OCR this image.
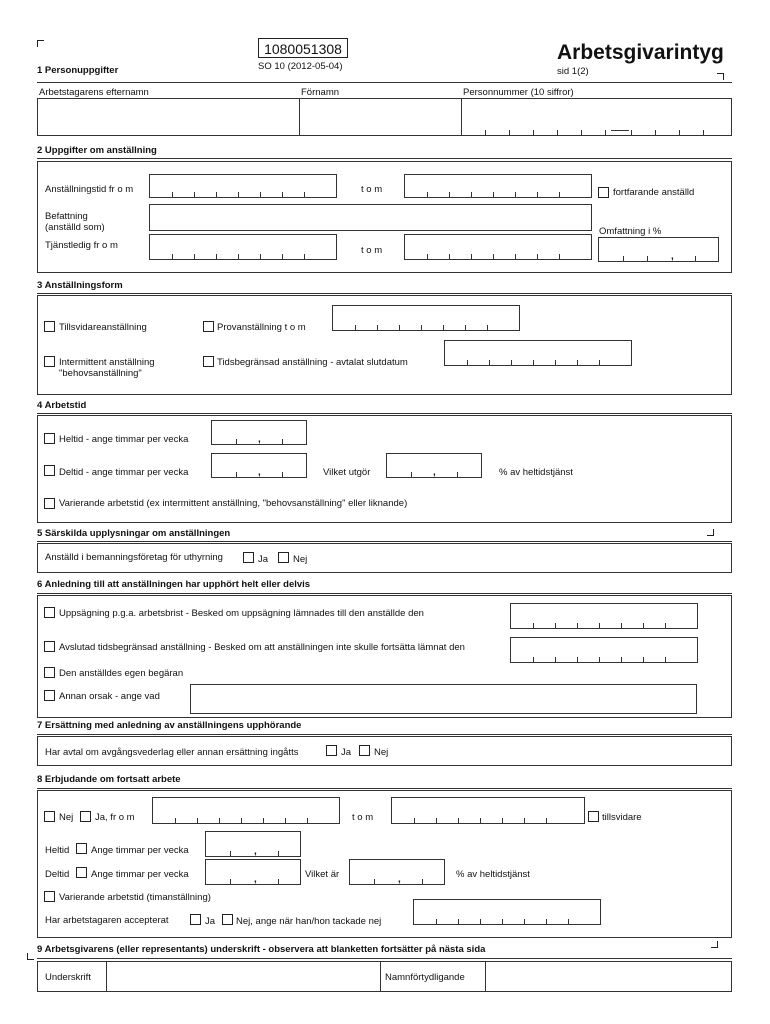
1080051308
SO 10 (2012-05-04)
Arbetsgivarintyg
sid 1(2)
1 Personuppgifter
Arbetstagarens efternamn	Förnamn	Personnummer (10 siffror)
2 Uppgifter om anställning
Anställningstid fr o m	t o m	fortfarande anställd
Befattning
(anställd som)	Omfattning i %
,
Tjänstledig fr o m	t o m
3 Anställningsform
Tillsvidareanställning	Provanställning t o m
Intermittent anställning
"behovsanställning"
Tidsbegränsad anställning - avtalat slutdatum
4 Arbetstid
Heltid - ange timmar per vecka	,
Deltid - ange timmar per vecka	,	Vilket utgör	,	% av heltidstjänst
Varierande arbetstid (ex intermittent anställning, "behovsanställning" eller liknande)
5 Särskilda upplysningar om anställningen
Anställd i bemanningsföretag för uthyrning	Ja	Nej
6 Anledning till att anställningen har upphört helt eller delvis
Uppsägning p.g.a. arbetsbrist - Besked om uppsägning lämnades till den anställde den
Avslutad tidsbegränsad anställning - Besked om att anställningen inte skulle fortsätta lämnat den
Den anställdes egen begäran
Annan orsak - ange vad
7 Ersättning med anledning av anställningens upphörande
Har avtal om avgångsvederlag eller annan ersättning ingåtts	Ja Nej
8 Erbjudande om fortsatt arbete
Nej Ja, fr o m	t o m	tillsvidare
Heltid Ange timmar per vecka	,
Deltid Ange timmar per vecka	,	Vilket är	,	% av heltidstjänst
Varierande arbetstid (timanställning)
Har arbetstagaren accepterat	Ja Nej, ange när han/hon tackade nej
9 Arbetsgivarens (eller representants) underskrift - observera att blanketten fortsätter på nästa sida
Underskrift	Namnförtydligande
